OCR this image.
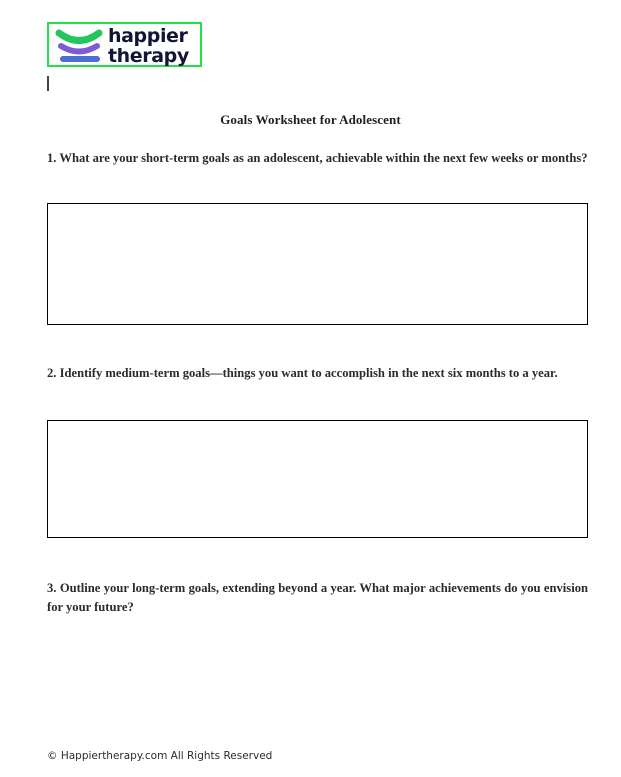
happier
therapy
Goals Worksheet for Adolescent
1. What are your short-term goals as an adolescent, achievable within the next few weeks or months?
2. Identify medium-term goals—things you want to accomplish in the next six months to a year.
3. Outline your long-term goals, extending beyond a year. What major achievements do you envision for your future?
© Happiertherapy.com All Rights Reserved
